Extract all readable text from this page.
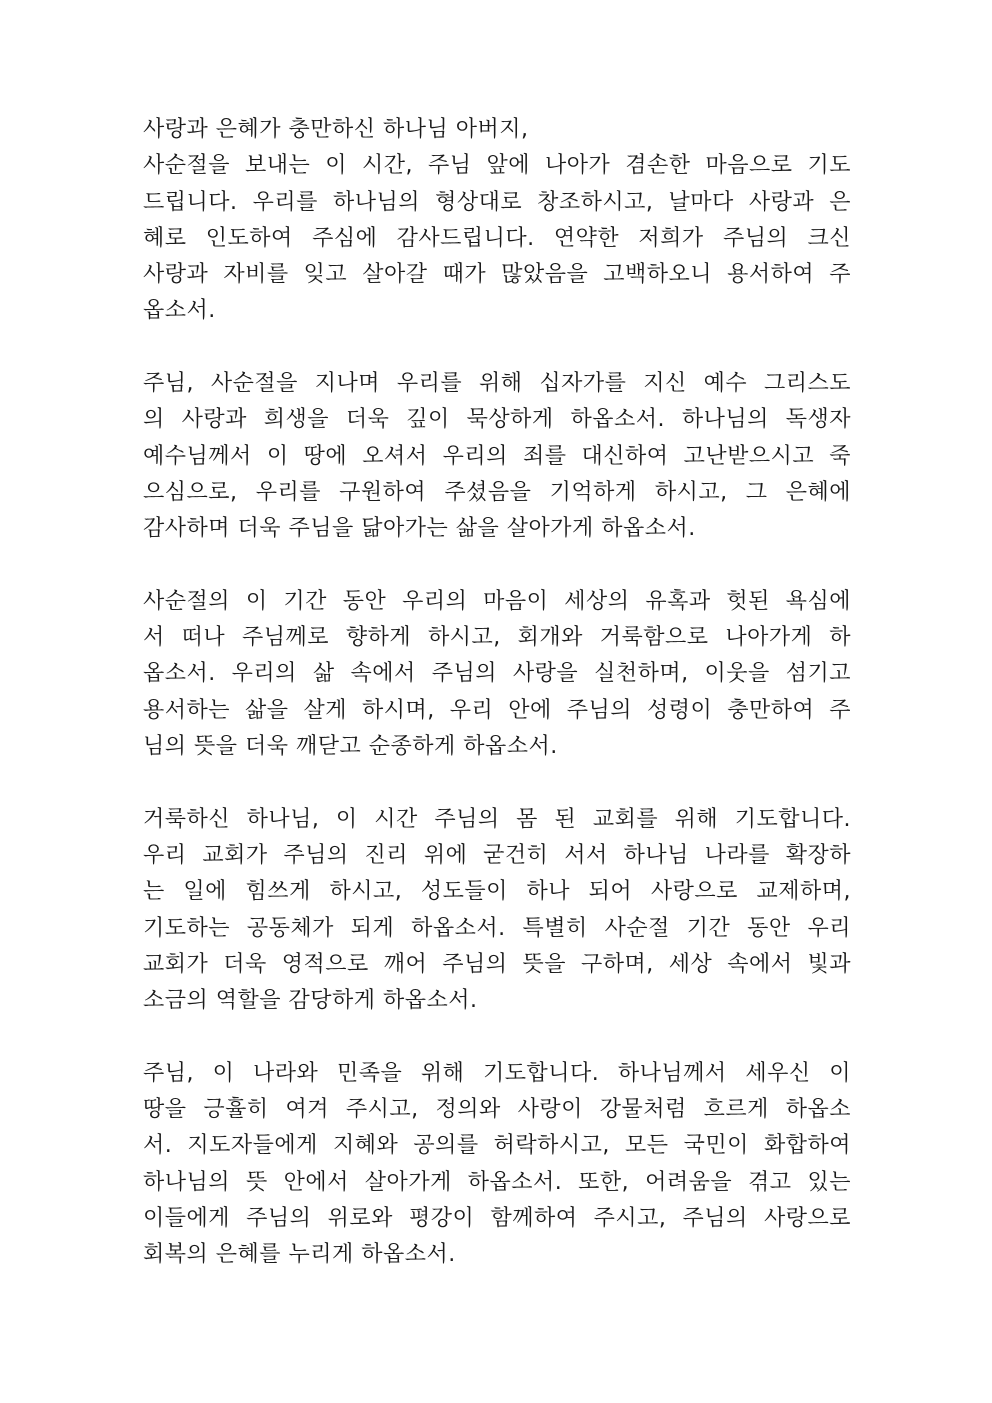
사랑과 은혜가 충만하신 하나님 아버지,
사순절을 보내는 이 시간, 주님 앞에 나아가 겸손한 마음으로 기도
드립니다. 우리를 하나님의 형상대로 창조하시고, 날마다 사랑과 은
혜로 인도하여 주심에 감사드립니다. 연약한 저희가 주님의 크신
사랑과 자비를 잊고 살아갈 때가 많았음을 고백하오니 용서하여 주
옵소서.
주님, 사순절을 지나며 우리를 위해 십자가를 지신 예수 그리스도
의 사랑과 희생을 더욱 깊이 묵상하게 하옵소서. 하나님의 독생자
예수님께서 이 땅에 오셔서 우리의 죄를 대신하여 고난받으시고 죽
으심으로, 우리를 구원하여 주셨음을 기억하게 하시고, 그 은혜에
감사하며 더욱 주님을 닮아가는 삶을 살아가게 하옵소서.
사순절의 이 기간 동안 우리의 마음이 세상의 유혹과 헛된 욕심에
서 떠나 주님께로 향하게 하시고, 회개와 거룩함으로 나아가게 하
옵소서. 우리의 삶 속에서 주님의 사랑을 실천하며, 이웃을 섬기고
용서하는 삶을 살게 하시며, 우리 안에 주님의 성령이 충만하여 주
님의 뜻을 더욱 깨닫고 순종하게 하옵소서.
거룩하신 하나님, 이 시간 주님의 몸 된 교회를 위해 기도합니다.
우리 교회가 주님의 진리 위에 굳건히 서서 하나님 나라를 확장하
는 일에 힘쓰게 하시고, 성도들이 하나 되어 사랑으로 교제하며,
기도하는 공동체가 되게 하옵소서. 특별히 사순절 기간 동안 우리
교회가 더욱 영적으로 깨어 주님의 뜻을 구하며, 세상 속에서 빛과
소금의 역할을 감당하게 하옵소서.
주님, 이 나라와 민족을 위해 기도합니다. 하나님께서 세우신 이
땅을 긍휼히 여겨 주시고, 정의와 사랑이 강물처럼 흐르게 하옵소
서. 지도자들에게 지혜와 공의를 허락하시고, 모든 국민이 화합하여
하나님의 뜻 안에서 살아가게 하옵소서. 또한, 어려움을 겪고 있는
이들에게 주님의 위로와 평강이 함께하여 주시고, 주님의 사랑으로
회복의 은혜를 누리게 하옵소서.
